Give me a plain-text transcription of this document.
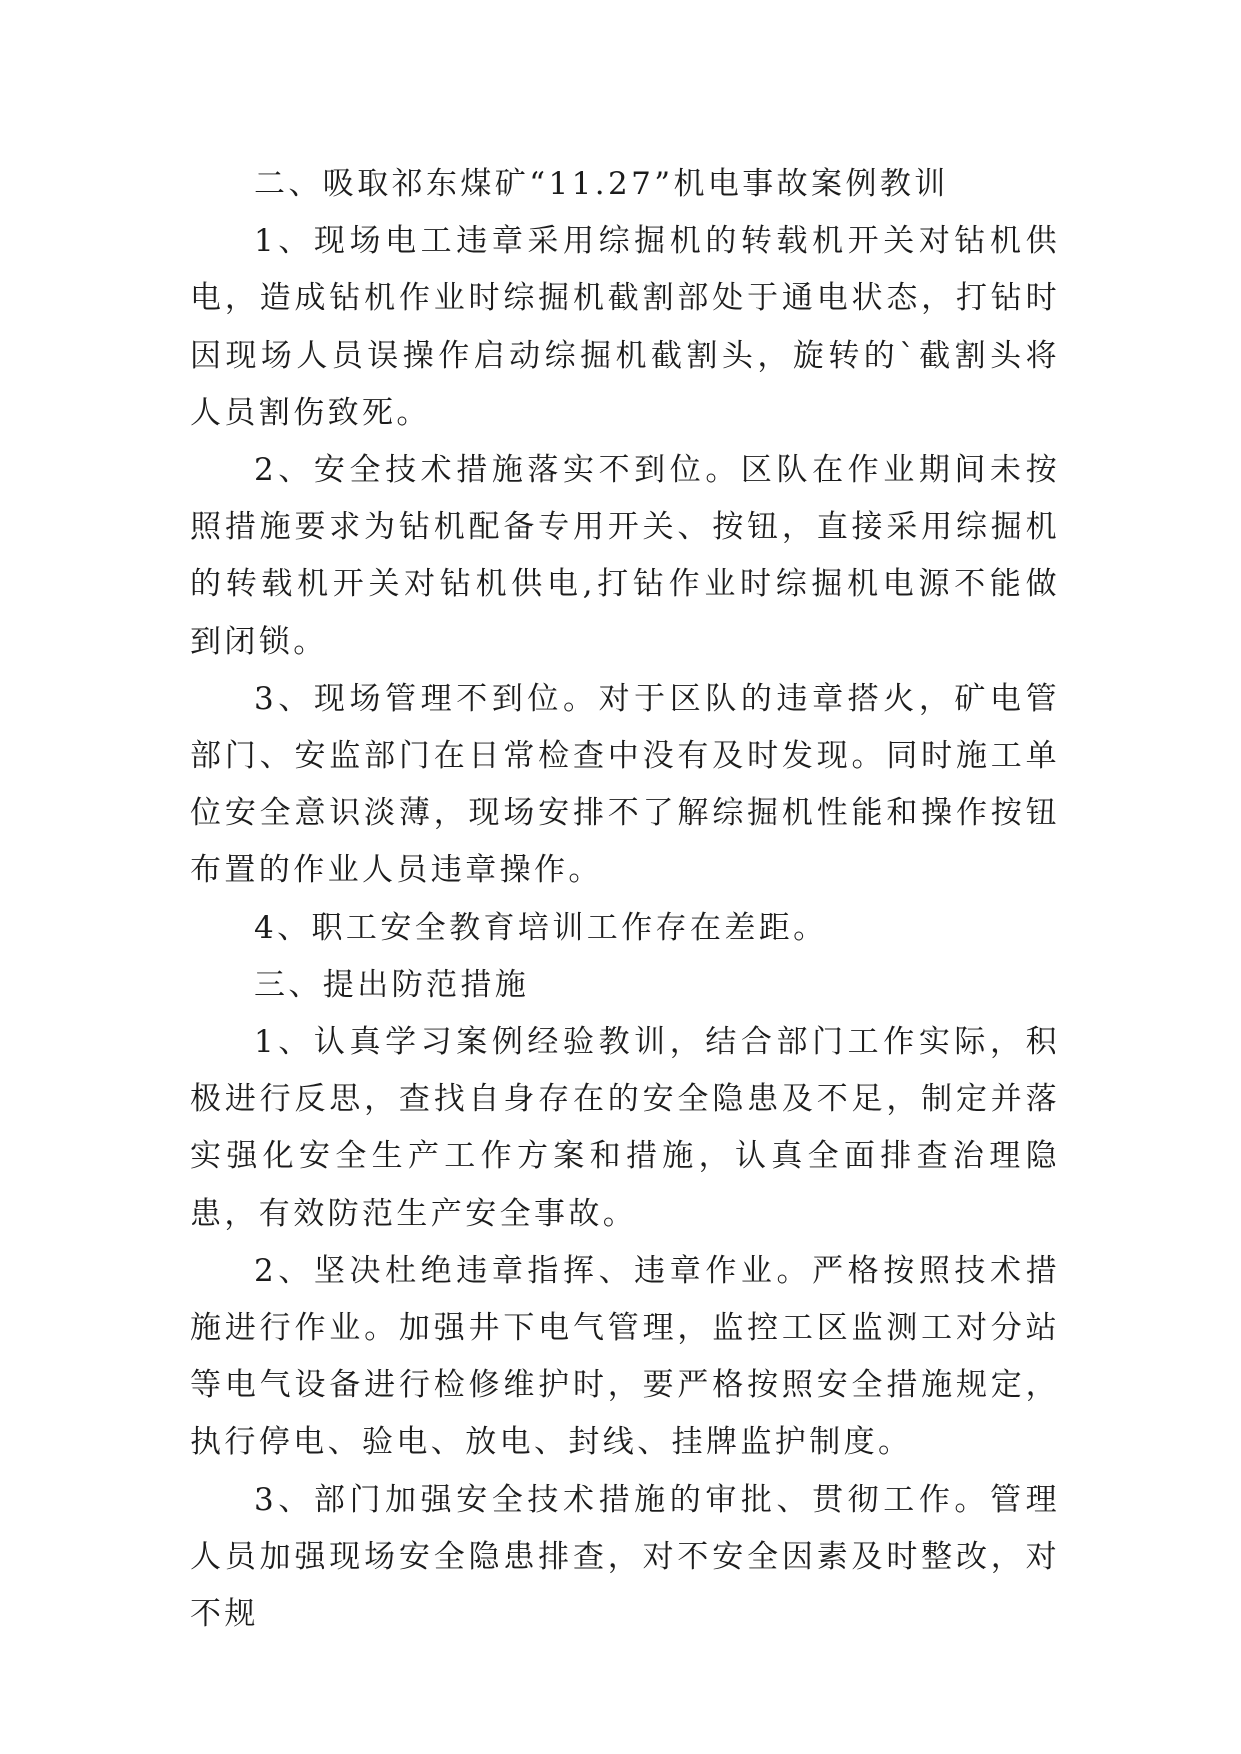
二、吸取祁东煤矿“11.27”机电事故案例教训

1、现场电工违章采用综掘机的转载机开关对钻机供电，造成钻机作业时综掘机截割部处于通电状态，打钻时因现场人员误操作启动综掘机截割头，旋转的`截割头将人员割伤致死。

2、安全技术措施落实不到位。区队在作业期间未按照措施要求为钻机配备专用开关、按钮，直接采用综掘机的转载机开关对钻机供电,打钻作业时综掘机电源不能做到闭锁。

3、现场管理不到位。对于区队的违章搭火，矿电管部门、安监部门在日常检查中没有及时发现。同时施工单位安全意识淡薄，现场安排不了解综掘机性能和操作按钮布置的作业人员违章操作。

4、职工安全教育培训工作存在差距。

三、提出防范措施

1、认真学习案例经验教训，结合部门工作实际，积极进行反思，查找自身存在的安全隐患及不足，制定并落实强化安全生产工作方案和措施，认真全面排查治理隐患，有效防范生产安全事故。

2、坚决杜绝违章指挥、违章作业。严格按照技术措施进行作业。加强井下电气管理，监控工区监测工对分站等电气设备进行检修维护时，要严格按照安全措施规定，执行停电、验电、放电、封线、挂牌监护制度。

3、部门加强安全技术措施的审批、贯彻工作。管理人员加强现场安全隐患排查，对不安全因素及时整改，对不规
